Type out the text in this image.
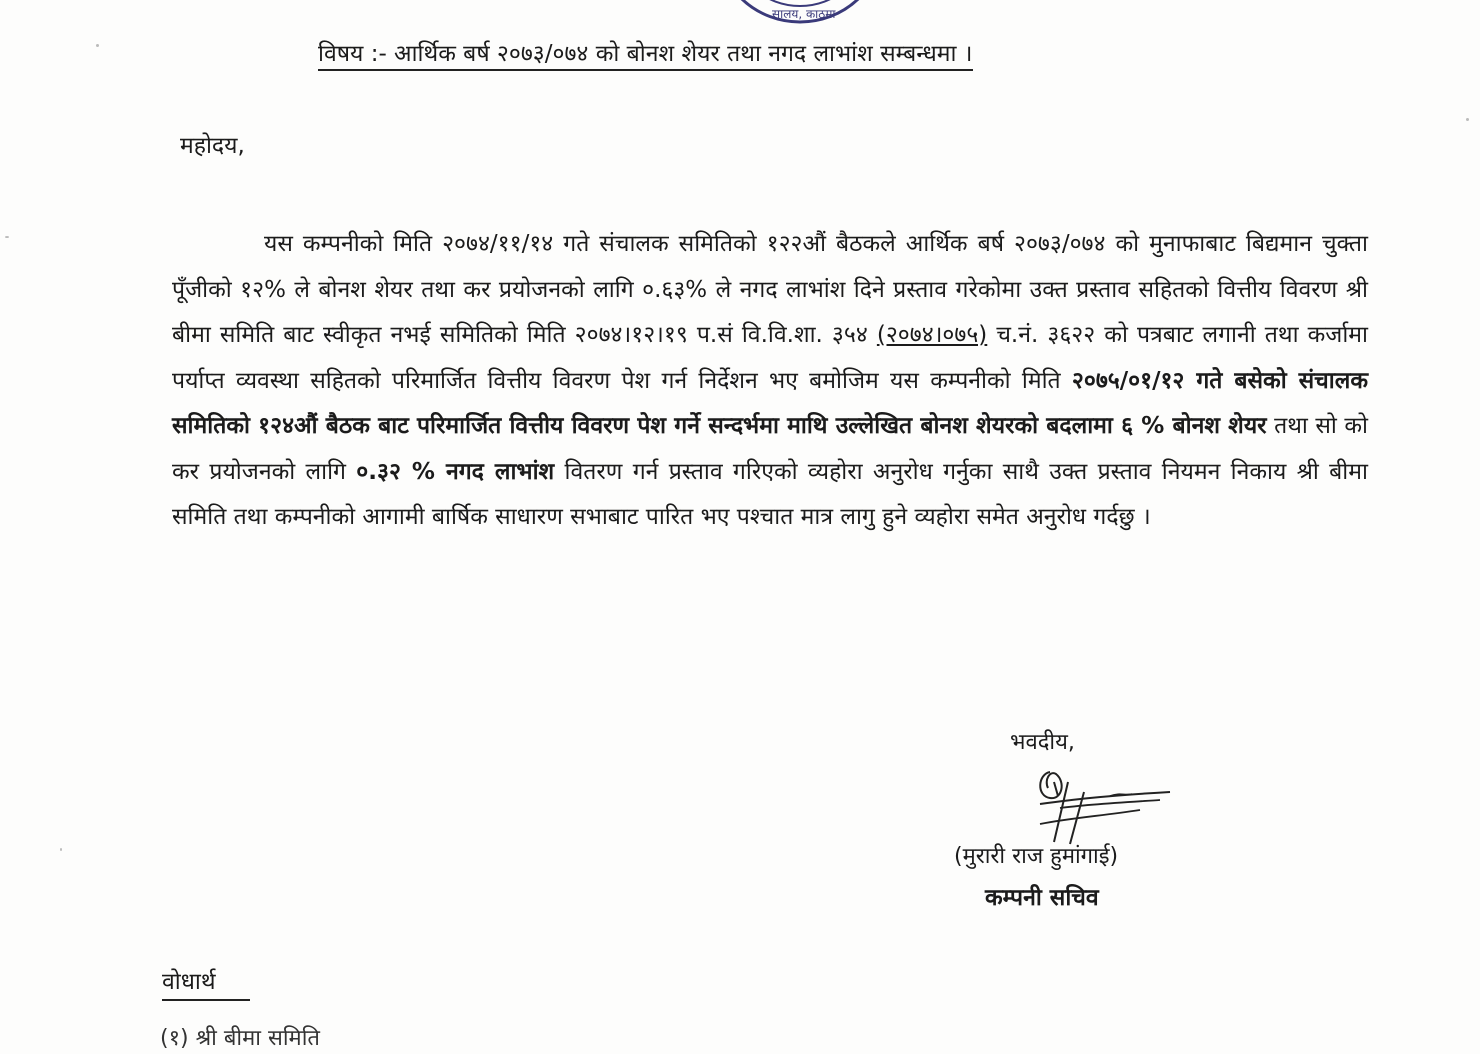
सालय, काठमा
विषय :- आर्थिक बर्ष २०७३/०७४ को बोनश शेयर तथा नगद लाभांश सम्बन्धमा ।
महोदय,
यस कम्पनीको मिति २०७४/११/१४ गते संचालक समितिको १२२औं बैठकले आर्थिक बर्ष २०७३/०७४ को मुनाफाबाट बिद्यमान चुक्ता पूँजीको १२% ले बोनश शेयर तथा कर प्रयोजनको लागि ०.६३% ले नगद लाभांश दिने प्रस्ताव गरेकोमा उक्त प्रस्ताव सहितको वित्तीय विवरण श्री बीमा समिति बाट स्वीकृत नभई समितिको मिति २०७४।१२।१९ प.सं वि.वि.शा. ३५४ (२०७४।०७५) च.नं. ३६२२ को पत्रबाट लगानी तथा कर्जामा पर्याप्त व्यवस्था सहितको परिमार्जित वित्तीय विवरण पेश गर्न निर्देशन भए बमोजिम यस कम्पनीको मिति २०७५/०१/१२ गते बसेको संचालक समितिको १२४औं बैठक बाट परिमार्जित वित्तीय विवरण पेश गर्ने सन्दर्भमा माथि उल्लेखित बोनश शेयरको बदलामा ६ % बोनश शेयर तथा सो को कर प्रयोजनको लागि ०.३२ % नगद लाभांश वितरण गर्न प्रस्ताव गरिएको व्यहोरा अनुरोध गर्नुका साथै उक्त प्रस्ताव नियमन निकाय श्री बीमा समिति तथा कम्पनीको आगामी बार्षिक साधारण सभाबाट पारित भए पश्चात मात्र लागु हुने व्यहोरा समेत अनुरोध गर्दछु ।
भवदीय,
(मुरारी राज हुमांगाई)
कम्पनी सचिव
वोधार्थ
(१) श्री बीमा समिति
